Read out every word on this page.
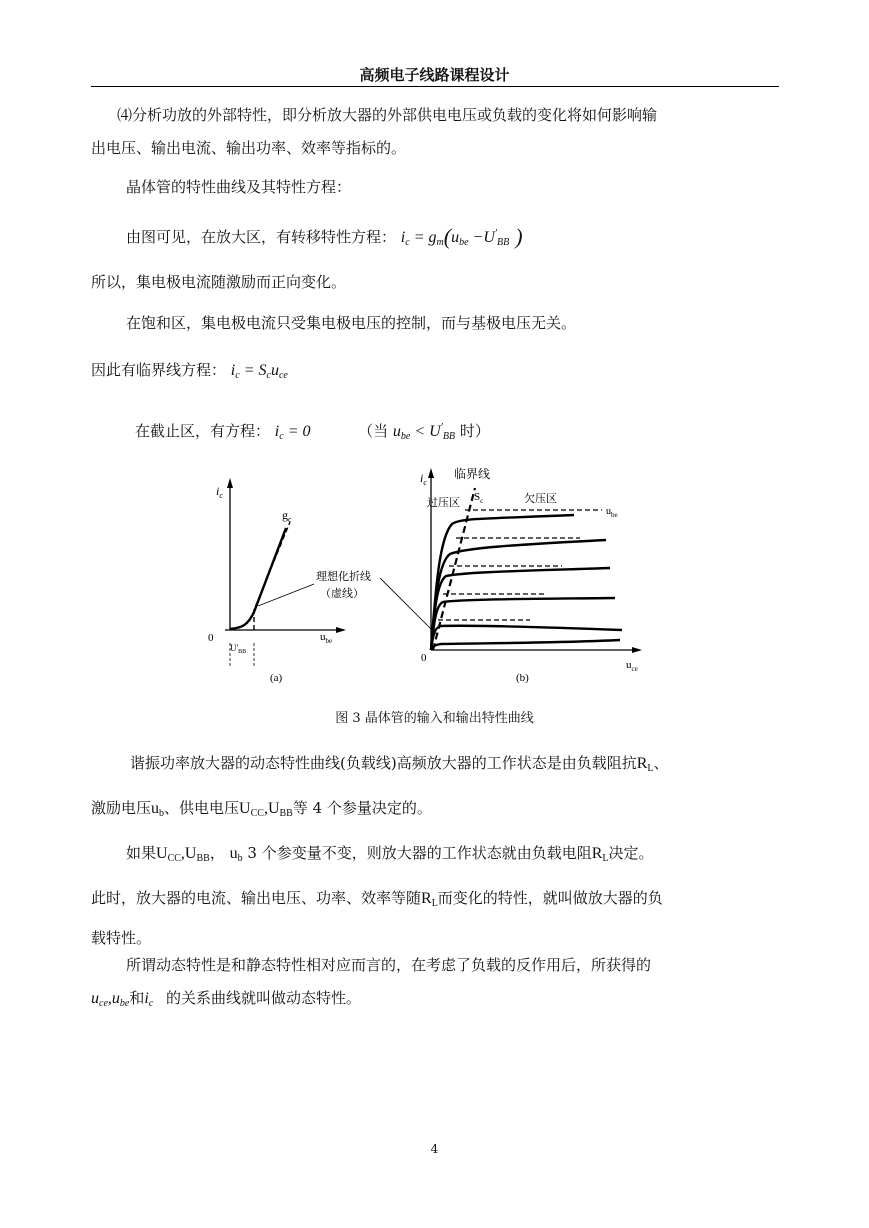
高频电子线路课程设计
⑷分析功放的外部特性，即分析放大器的外部供电电压或负载的变化将如何影响输
出电压、输出电流、输出功率、效率等指标的。
晶体管的特性曲线及其特性方程：
由图可见，在放大区，有转移特性方程： ic = gm(ube −U'BB )
所以，集电极电流随激励而正向变化。
在饱和区，集电极电流只受集电极电压的控制，而与基极电压无关。
因此有临界线方程： ic = Scuce
在截止区，有方程： ic = 0	（当 ube < U'BB 时）
$i_c$
$g_c$
0	$u_{be}$
$U'_{BB}$
(a)
理想化折线
（虚线）
$i_c$
临界线
$S_c$
过压区	欠压区
$u_{be}$
0
$u_{ce}$
(b)
图 3 晶体管的输入和输出特性曲线
谐振功率放大器的动态特性曲线(负载线)高频放大器的工作状态是由负载阻抗$R_L$、
激励电压$u_b$、供电电压$U_{CC},U_{BB}$等 4 个参量决定的。
如果$U_{CC},U_{BB}$， $u_b$ 3 个参变量不变，则放大器的工作状态就由负载电阻$R_L$决定。
此时，放大器的电流、输出电压、功率、效率等随$R_L$而变化的特性，就叫做放大器的负
载特性。
所谓动态特性是和静态特性相对应而言的，在考虑了负载的反作用后，所获得的
uce,ube和ic 的关系曲线就叫做动态特性。
4
